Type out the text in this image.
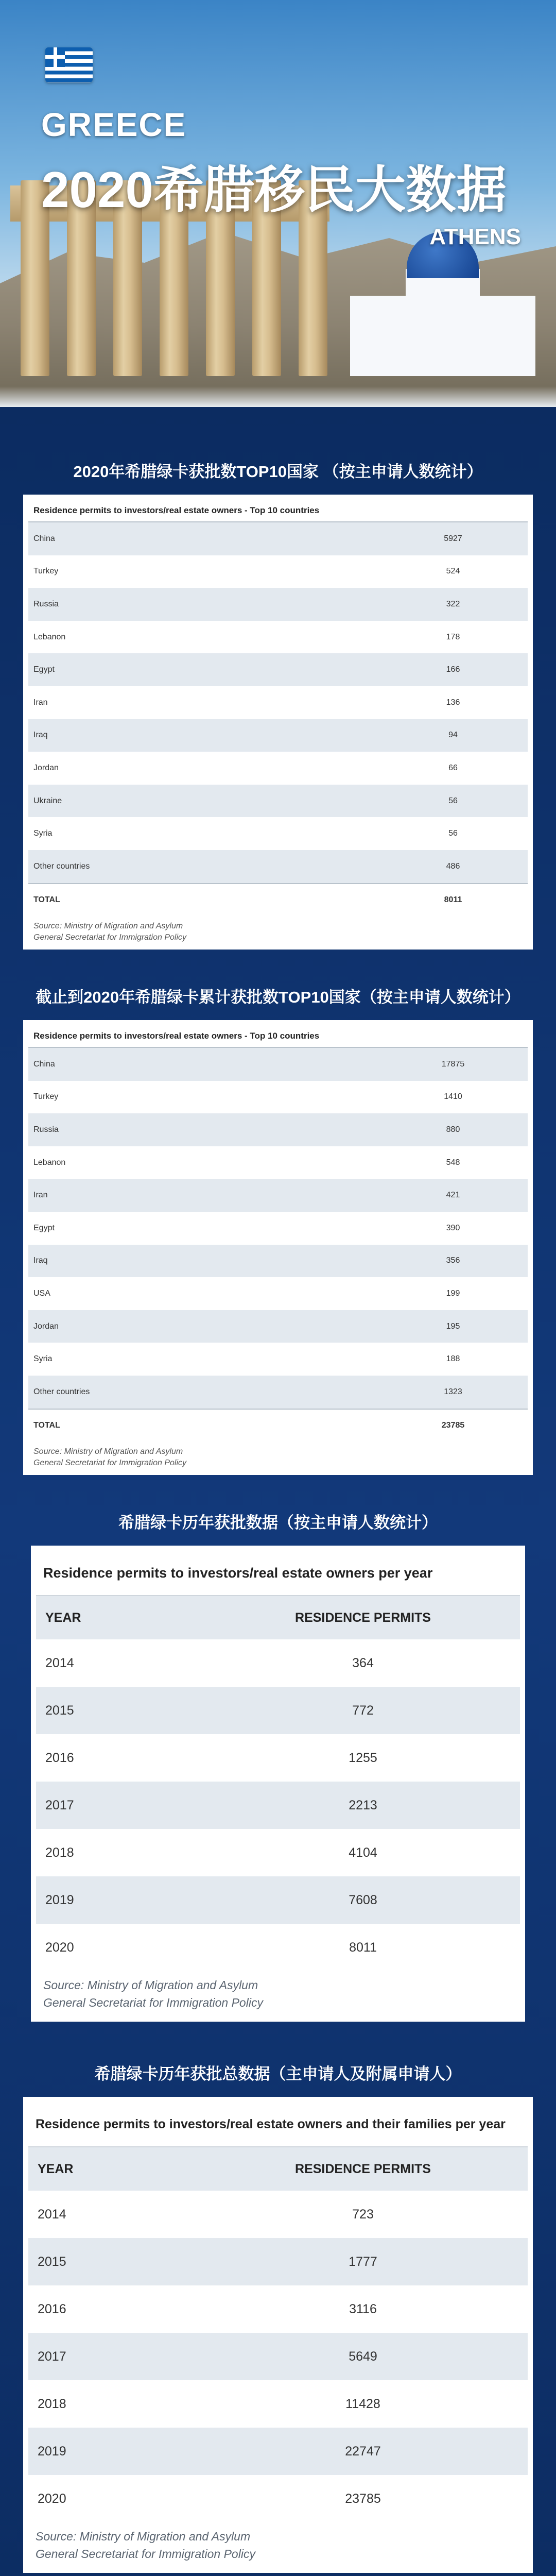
GREECE
2020希腊移民大数据
ATHENS
2020年希腊绿卡获批数TOP10国家 （按主申请人数统计）
Residence permits to investors/real estate owners - Top 10 countries
China	5927
Turkey	524
Russia	322
Lebanon	178
Egypt	166
Iran	136
Iraq	94
Jordan	66
Ukraine	56
Syria	56
Other countries	486
TOTAL	8011
Source: Ministry of Migration and Asylum
General Secretariat for Immigration Policy
截止到2020年希腊绿卡累计获批数TOP10国家（按主申请人数统计）
Residence permits to investors/real estate owners - Top 10 countries
China	17875
Turkey	1410
Russia	880
Lebanon	548
Iran	421
Egypt	390
Iraq	356
USA	199
Jordan	195
Syria	188
Other countries	1323
TOTAL	23785
Source: Ministry of Migration and Asylum
General Secretariat for Immigration Policy
希腊绿卡历年获批数据（按主申请人数统计）
Residence permits to investors/real estate owners per year
YEAR	RESIDENCE PERMITS
2014	364
2015	772
2016	1255
2017	2213
2018	4104
2019	7608
2020	8011
Source: Ministry of Migration and Asylum
General Secretariat for Immigration Policy
希腊绿卡历年获批总数据（主申请人及附属申请人）
Residence permits to investors/real estate owners and their families per year
YEAR	RESIDENCE PERMITS
2014	723
2015	1777
2016	3116
2017	5649
2018	11428
2019	22747
2020	23785
Source: Ministry of Migration and Asylum
General Secretariat for Immigration Policy
